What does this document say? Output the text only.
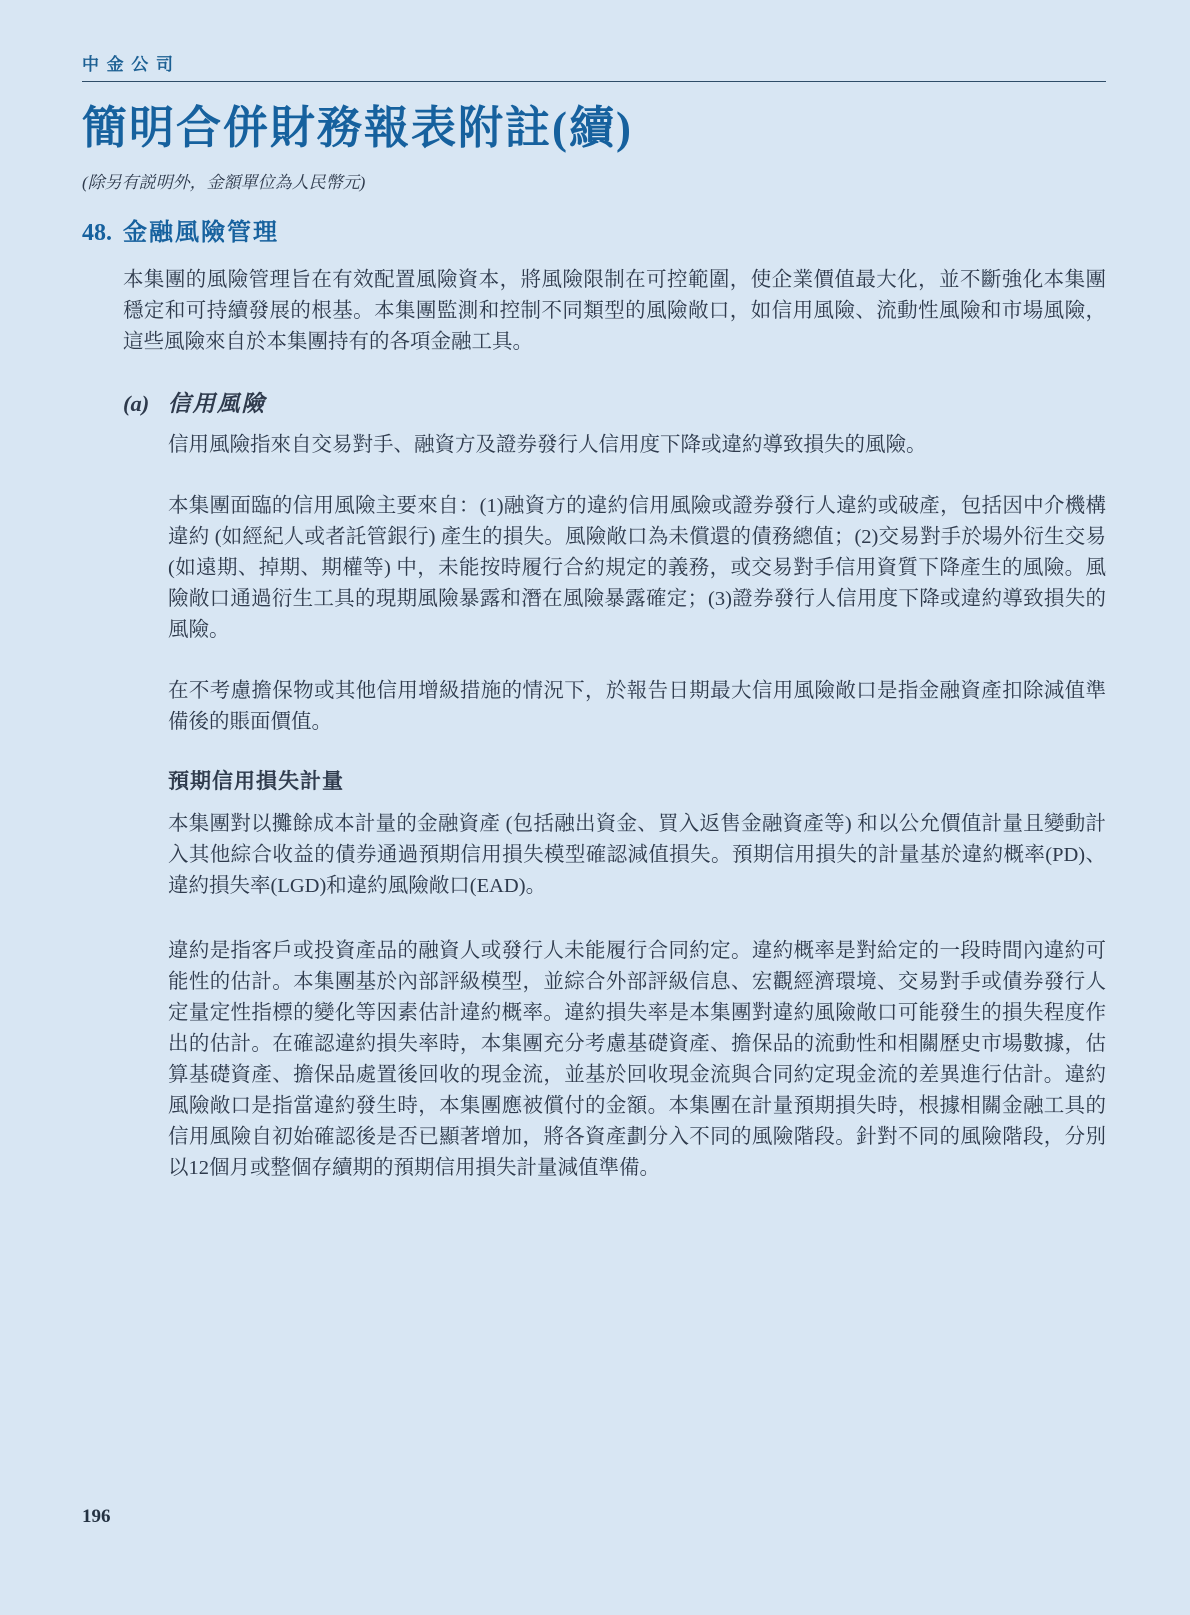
中金公司
簡明合併財務報表附註(續)
(除另有説明外，金額單位為人民幣元)
48. 金融風險管理

本集團的風險管理旨在有效配置風險資本，將風險限制在可控範圍，使企業價值最大化，並不斷強化本集團穩定和可持續發展的根基。本集團監測和控制不同類型的風險敞口，如信用風險、流動性風險和市場風險，這些風險來自於本集團持有的各項金融工具。

(a) 信用風險

信用風險指來自交易對手、融資方及證券發行人信用度下降或違約導致損失的風險。

本集團面臨的信用風險主要來自：(1)融資方的違約信用風險或證券發行人違約或破產，包括因中介機構違約 (如經紀人或者託管銀行) 產生的損失。風險敞口為未償還的債務總值；(2)交易對手於場外衍生交易 (如遠期、掉期、期權等) 中，未能按時履行合約規定的義務，或交易對手信用資質下降產生的風險。風險敞口通過衍生工具的現期風險暴露和潛在風險暴露確定；(3)證券發行人信用度下降或違約導致損失的風險。

在不考慮擔保物或其他信用增級措施的情況下，於報告日期最大信用風險敞口是指金融資產扣除減值準備後的賬面價值。

預期信用損失計量

本集團對以攤餘成本計量的金融資產 (包括融出資金、買入返售金融資產等) 和以公允價值計量且變動計入其他綜合收益的債券通過預期信用損失模型確認減值損失。預期信用損失的計量基於違約概率(PD)、違約損失率(LGD)和違約風險敞口(EAD)。

違約是指客戶或投資產品的融資人或發行人未能履行合同約定。違約概率是對給定的一段時間內違約可能性的估計。本集團基於內部評級模型，並綜合外部評級信息、宏觀經濟環境、交易對手或債券發行人定量定性指標的變化等因素估計違約概率。違約損失率是本集團對違約風險敞口可能發生的損失程度作出的估計。在確認違約損失率時，本集團充分考慮基礎資產、擔保品的流動性和相關歷史市場數據，估算基礎資產、擔保品處置後回收的現金流，並基於回收現金流與合同約定現金流的差異進行估計。違約風險敞口是指當違約發生時，本集團應被償付的金額。本集團在計量預期損失時，根據相關金融工具的信用風險自初始確認後是否已顯著增加，將各資產劃分入不同的風險階段。針對不同的風險階段，分別以12個月或整個存續期的預期信用損失計量減值準備。

196
